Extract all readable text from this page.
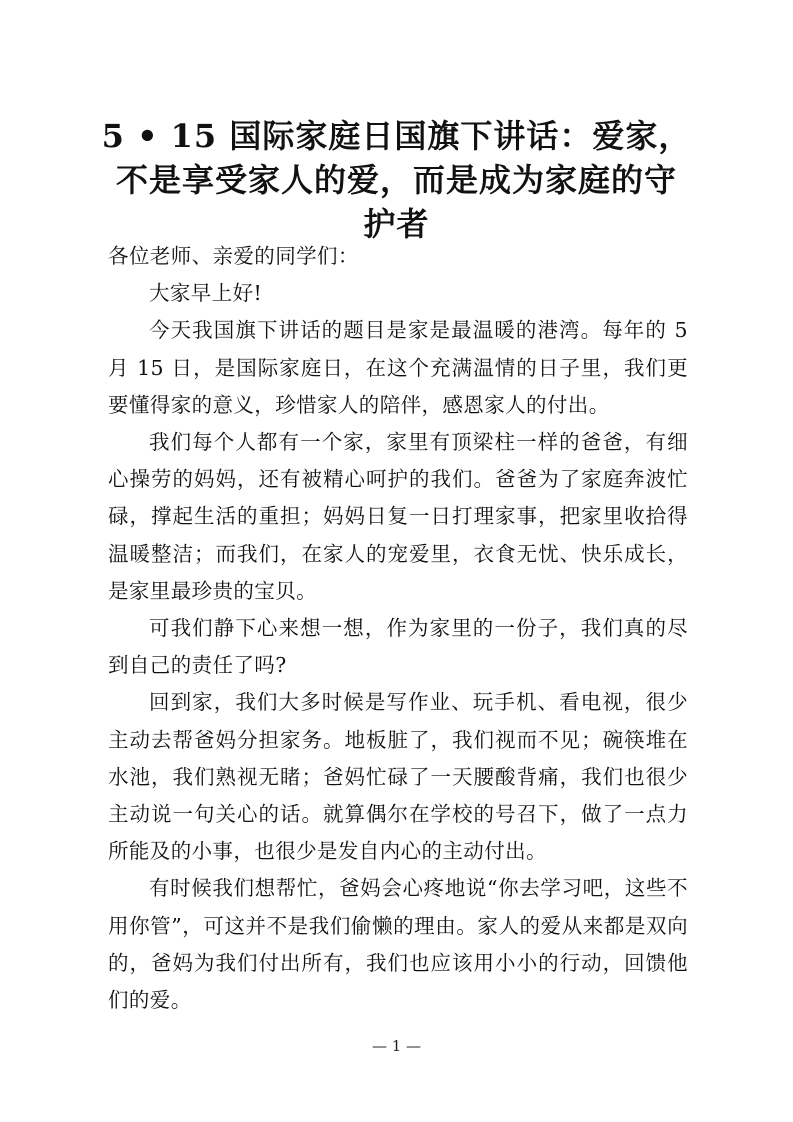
5 • 15 国际家庭日国旗下讲话：爱家，不是享受家人的爱，而是成为家庭的守护者

各位老师、亲爱的同学们：

大家早上好!

今天我国旗下讲话的题目是家是最温暖的港湾。每年的 5 月 15 日，是国际家庭日，在这个充满温情的日子里，我们更要懂得家的意义，珍惜家人的陪伴，感恩家人的付出。

我们每个人都有一个家，家里有顶梁柱一样的爸爸，有细心操劳的妈妈，还有被精心呵护的我们。爸爸为了家庭奔波忙碌，撑起生活的重担；妈妈日复一日打理家事，把家里收拾得温暖整洁；而我们，在家人的宠爱里，衣食无忧、快乐成长，是家里最珍贵的宝贝。

可我们静下心来想一想，作为家里的一份子，我们真的尽到自己的责任了吗?

回到家，我们大多时候是写作业、玩手机、看电视，很少主动去帮爸妈分担家务。地板脏了，我们视而不见；碗筷堆在水池，我们熟视无睹；爸妈忙碌了一天腰酸背痛，我们也很少主动说一句关心的话。就算偶尔在学校的号召下，做了一点力所能及的小事，也很少是发自内心的主动付出。

有时候我们想帮忙，爸妈会心疼地说“你去学习吧，这些不用你管”，可这并不是我们偷懒的理由。家人的爱从来都是双向的，爸妈为我们付出所有，我们也应该用小小的行动，回馈他们的爱。

— 1 —
